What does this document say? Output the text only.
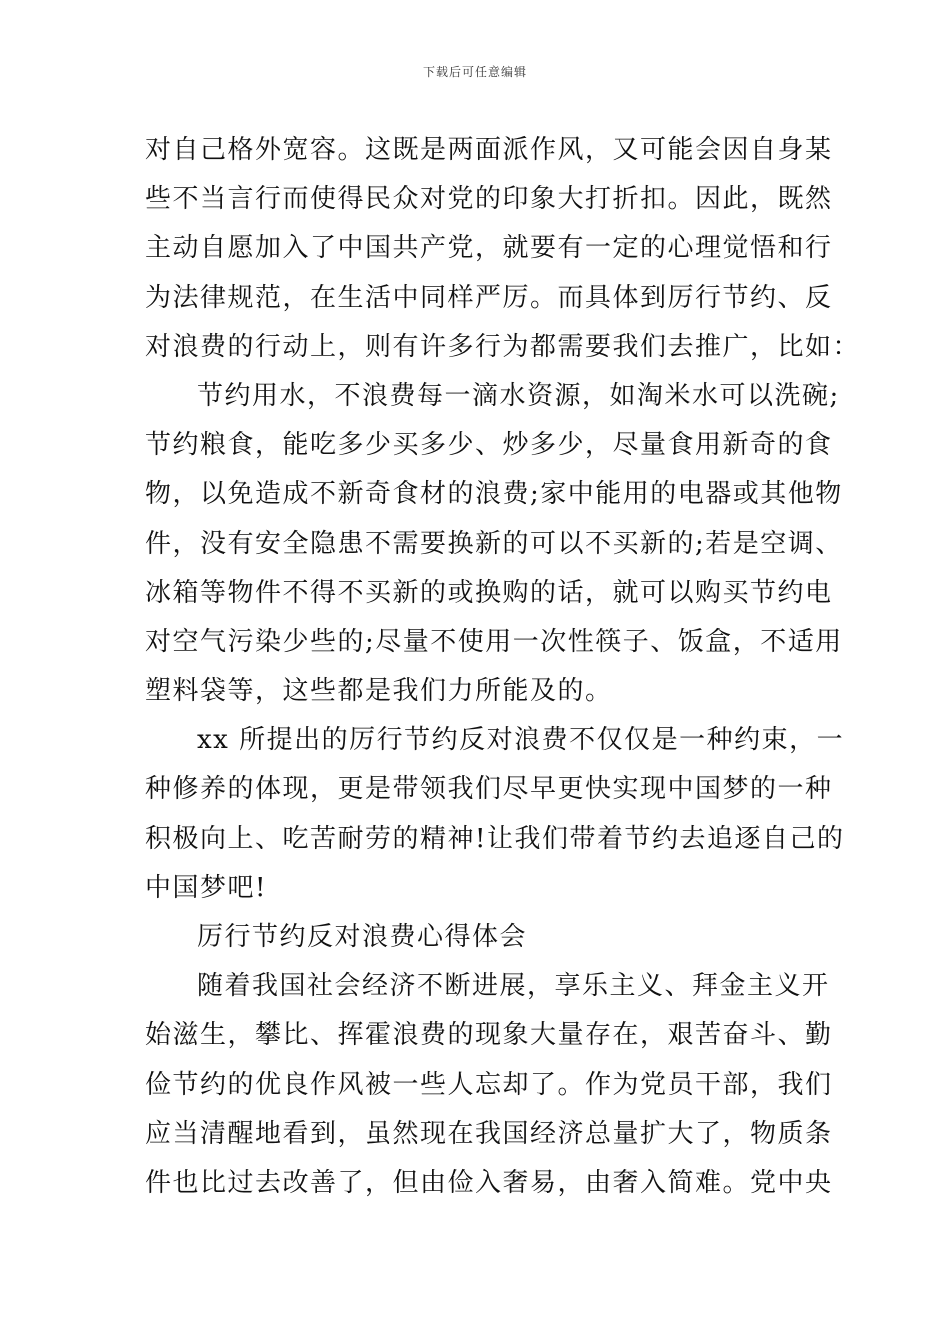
下载后可任意编辑
对自己格外宽容。这既是两面派作风，又可能会因自身某
些不当言行而使得民众对党的印象大打折扣。因此，既然
主动自愿加入了中国共产党，就要有一定的心理觉悟和行
为法律规范，在生活中同样严厉。而具体到厉行节约、反
对浪费的行动上，则有许多行为都需要我们去推广，比如：
节约用水，不浪费每一滴水资源，如淘米水可以洗碗;
节约粮食，能吃多少买多少、炒多少，尽量食用新奇的食
物，以免造成不新奇食材的浪费;家中能用的电器或其他物
件，没有安全隐患不需要换新的可以不买新的;若是空调、
冰箱等物件不得不买新的或换购的话，就可以购买节约电
对空气污染少些的;尽量不使用一次性筷子、饭盒，不适用
塑料袋等，这些都是我们力所能及的。
xx 所提出的厉行节约反对浪费不仅仅是一种约束，一
种修养的体现，更是带领我们尽早更快实现中国梦的一种
积极向上、吃苦耐劳的精神!让我们带着节约去追逐自己的
中国梦吧!
厉行节约反对浪费心得体会
随着我国社会经济不断进展，享乐主义、拜金主义开
始滋生，攀比、挥霍浪费的现象大量存在，艰苦奋斗、勤
俭节约的优良作风被一些人忘却了。作为党员干部，我们
应当清醒地看到，虽然现在我国经济总量扩大了，物质条
件也比过去改善了，但由俭入奢易，由奢入简难。党中央
